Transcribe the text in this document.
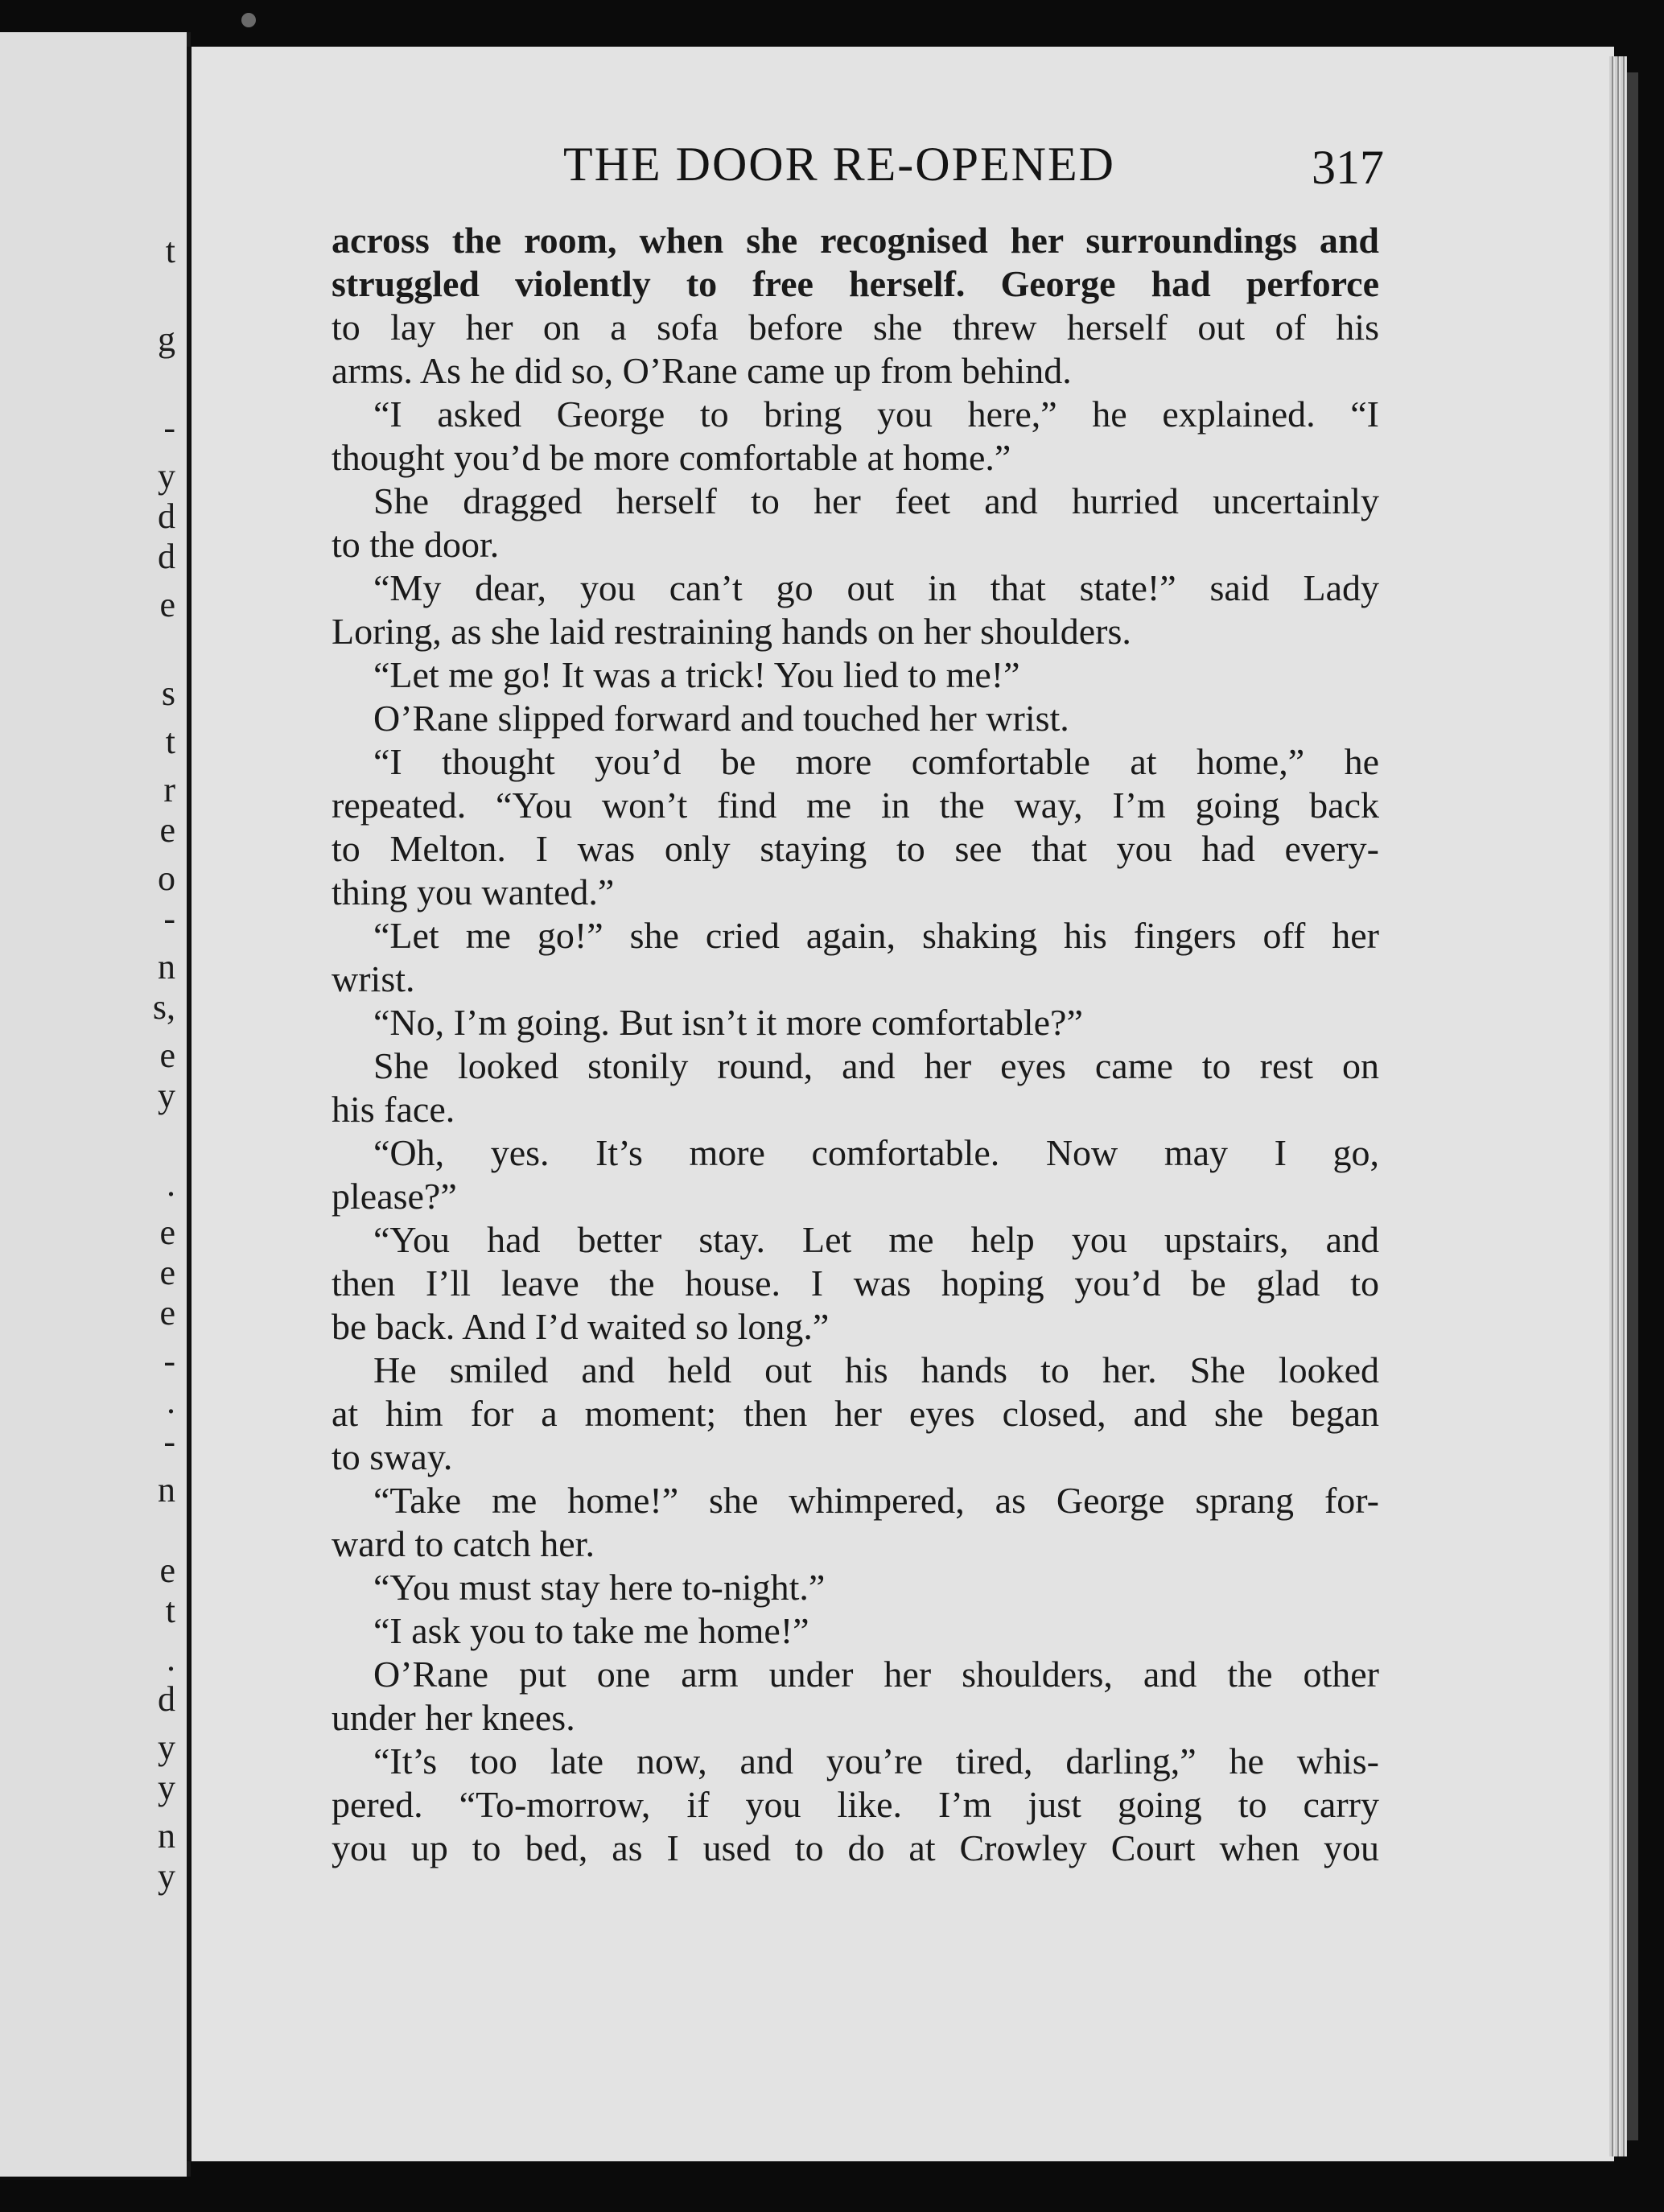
t
g
-
y
d
d
e
s
t
r
e
o
-
n
s,
e
y
.
e
e
e
-
.
-
n
e
t
.
d
y
y
n
y
THE DOOR RE-OPENED	317
across the room, when she recognised her surroundings and
struggled violently to free herself. George had perforce
to lay her on a sofa before she threw herself out of his
arms. As he did so, O’Rane came up from behind.
“I asked George to bring you here,” he explained. “I
thought you’d be more comfortable at home.”
She dragged herself to her feet and hurried uncertainly
to the door.
“My dear, you can’t go out in that state!” said Lady
Loring, as she laid restraining hands on her shoulders.
“Let me go! It was a trick! You lied to me!”
O’Rane slipped forward and touched her wrist.
“I thought you’d be more comfortable at home,” he
repeated. “You won’t find me in the way, I’m going back
to Melton. I was only staying to see that you had every-
thing you wanted.”
“Let me go!” she cried again, shaking his fingers off her
wrist.
“No, I’m going. But isn’t it more comfortable?”
She looked stonily round, and her eyes came to rest on
his face.
“Oh, yes. It’s more comfortable. Now may I go,
please?”
“You had better stay. Let me help you upstairs, and
then I’ll leave the house. I was hoping you’d be glad to
be back. And I’d waited so long.”
He smiled and held out his hands to her. She looked
at him for a moment; then her eyes closed, and she began
to sway.
“Take me home!” she whimpered, as George sprang for-
ward to catch her.
“You must stay here to-night.”
“I ask you to take me home!”
O’Rane put one arm under her shoulders, and the other
under her knees.
“It’s too late now, and you’re tired, darling,” he whis-
pered. “To-morrow, if you like. I’m just going to carry
you up to bed, as I used to do at Crowley Court when you
